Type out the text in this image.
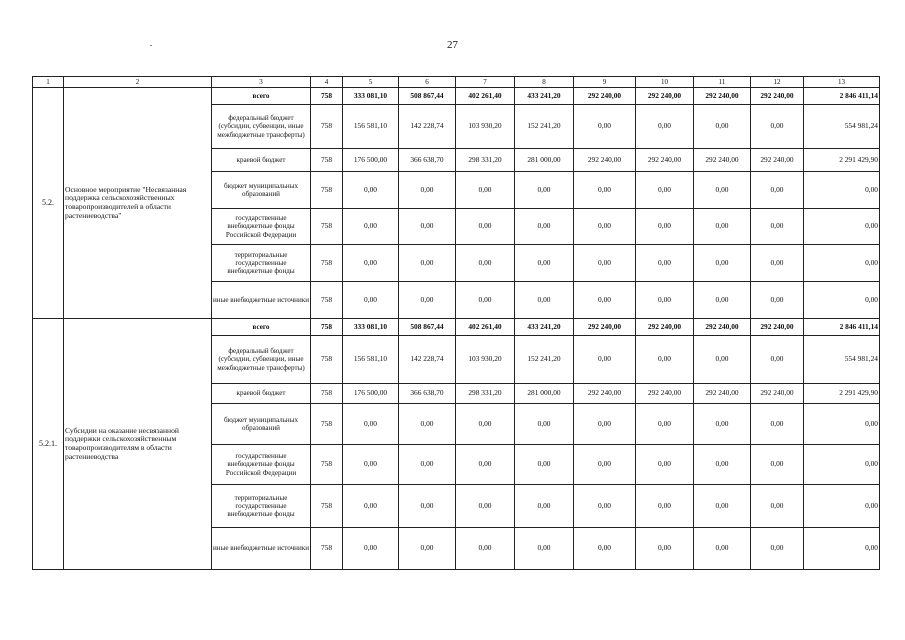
27
1	2	3	4	5	6	7	8	9	10	11	12	13
5.2.	Основное мероприятие "Несвязанная поддержка сельскохозяйственных товаропроизводителей в области растениеводства"	всего	758	333 081,10	508 867,44	402 261,40	433 241,20	292 240,00	292 240,00	292 240,00	292 240,00	2 846 411,14
		федеральный бюджет (субсидии, субвенции, иные межбюджетные трансферты)	758	156 581,10	142 228,74	103 930,20	152 241,20	0,00	0,00	0,00	0,00	554 981,24
		краевой бюджет	758	176 500,00	366 638,70	298 331,20	281 000,00	292 240,00	292 240,00	292 240,00	292 240,00	2 291 429,90
		бюджет муниципальных образований	758	0,00	0,00	0,00	0,00	0,00	0,00	0,00	0,00	0,00
		государственные внебюджетные фонды Российской Федерации	758	0,00	0,00	0,00	0,00	0,00	0,00	0,00	0,00	0,00
		территориальные государственные внебюджетные фонды	758	0,00	0,00	0,00	0,00	0,00	0,00	0,00	0,00	0,00
		иные внебюджетные источники	758	0,00	0,00	0,00	0,00	0,00	0,00	0,00	0,00	0,00
5.2.1.	Субсидии на оказание несвязанной поддержки сельскохозяйственным товаропроизводителям в области растениеводства	всего	758	333 081,10	508 867,44	402 261,40	433 241,20	292 240,00	292 240,00	292 240,00	292 240,00	2 846 411,14
		федеральный бюджет (субсидии, субвенции, иные межбюджетные трансферты)	758	156 581,10	142 228,74	103 930,20	152 241,20	0,00	0,00	0,00	0,00	554 981,24
		краевой бюджет	758	176 500,00	366 638,70	298 331,20	281 000,00	292 240,00	292 240,00	292 240,00	292 240,00	2 291 429,90
		бюджет муниципальных образований	758	0,00	0,00	0,00	0,00	0,00	0,00	0,00	0,00	0,00
		государственные внебюджетные фонды Российской Федерации	758	0,00	0,00	0,00	0,00	0,00	0,00	0,00	0,00	0,00
		территориальные государственные внебюджетные фонды	758	0,00	0,00	0,00	0,00	0,00	0,00	0,00	0,00	0,00
		иные внебюджетные источники	758	0,00	0,00	0,00	0,00	0,00	0,00	0,00	0,00	0,00
